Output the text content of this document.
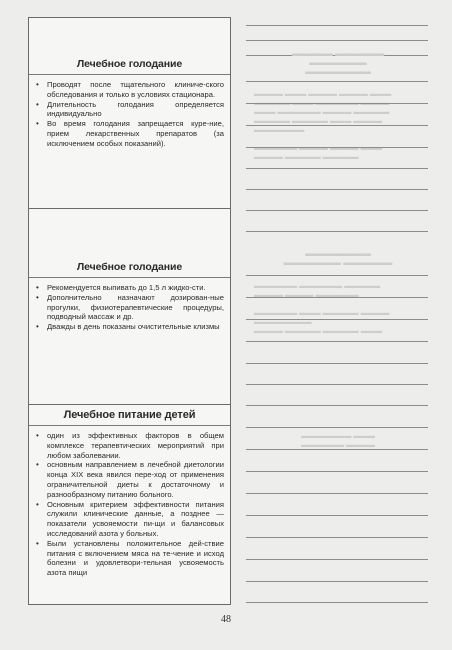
Лечебное голодание
• Проводят после тщательного клиниче-ского обследования и только в условиях стационара.
• Длительность голодания определяется индивидуально
• Во время голодания запрещается куре-ние, прием лекарственных препаратов (за исключением особых показаний).
Лечебное голодание
• Рекомендуется выпивать до 1,5 л жидко-сти.
• Дополнительно назначают дозирован-ные прогулки, физиотерапевтические процедуры, подводный массаж и др.
• Дважды в день показаны очистительные клизмы
Лечебное питание детей
• один из эффективных факторов в общем комплексе терапевтических мероприятий при любом заболевании.
• основным направлением в лечебной диетологии конца XIX века явился пере-ход от применения ограничительной диеты к достаточному и разнообразному питанию больного.
• Основным критерием эффективности питания служили клинические данные, а позднее — показатели усвояемости пи-щи и балансовых исследований азота у больных.
• Были установлены положительное дей-ствие питания с включением мяса на те-чение и исход болезни и удовлетвори-тельная усвояемость азота пищи
▬▬▬▬▬ ▬▬▬▬▬▬
▬▬▬▬▬▬▬
▬▬▬▬▬▬▬▬
▬▬▬▬ ▬▬▬ ▬▬▬▬ ▬▬▬▬ ▬▬▬
▬▬▬▬▬ ▬▬▬ ▬▬▬▬▬▬ ▬▬▬▬
▬▬▬ ▬▬▬▬▬▬ ▬▬▬▬ ▬▬▬▬▬
▬▬▬▬▬ ▬▬▬▬▬ ▬▬▬ ▬▬▬▬
▬▬▬▬▬▬▬

▬▬▬▬▬▬ ▬▬▬▬ ▬▬▬▬ ▬▬▬
▬▬▬▬ ▬▬▬▬▬ ▬▬▬▬▬
▬▬▬▬▬▬▬▬
▬▬▬▬▬▬▬ ▬▬▬▬▬▬
▬▬▬▬▬▬ ▬▬▬▬▬▬ ▬▬▬▬▬
▬▬▬▬ ▬▬▬▬ ▬▬▬▬▬▬

▬▬▬▬▬▬ ▬▬▬ ▬▬▬▬▬ ▬▬▬▬
▬▬▬▬▬▬▬▬
▬▬▬▬ ▬▬▬▬▬ ▬▬▬▬▬ ▬▬▬
▬▬▬▬▬▬▬ ▬▬▬
▬▬▬▬▬▬ ▬▬▬▬
48
